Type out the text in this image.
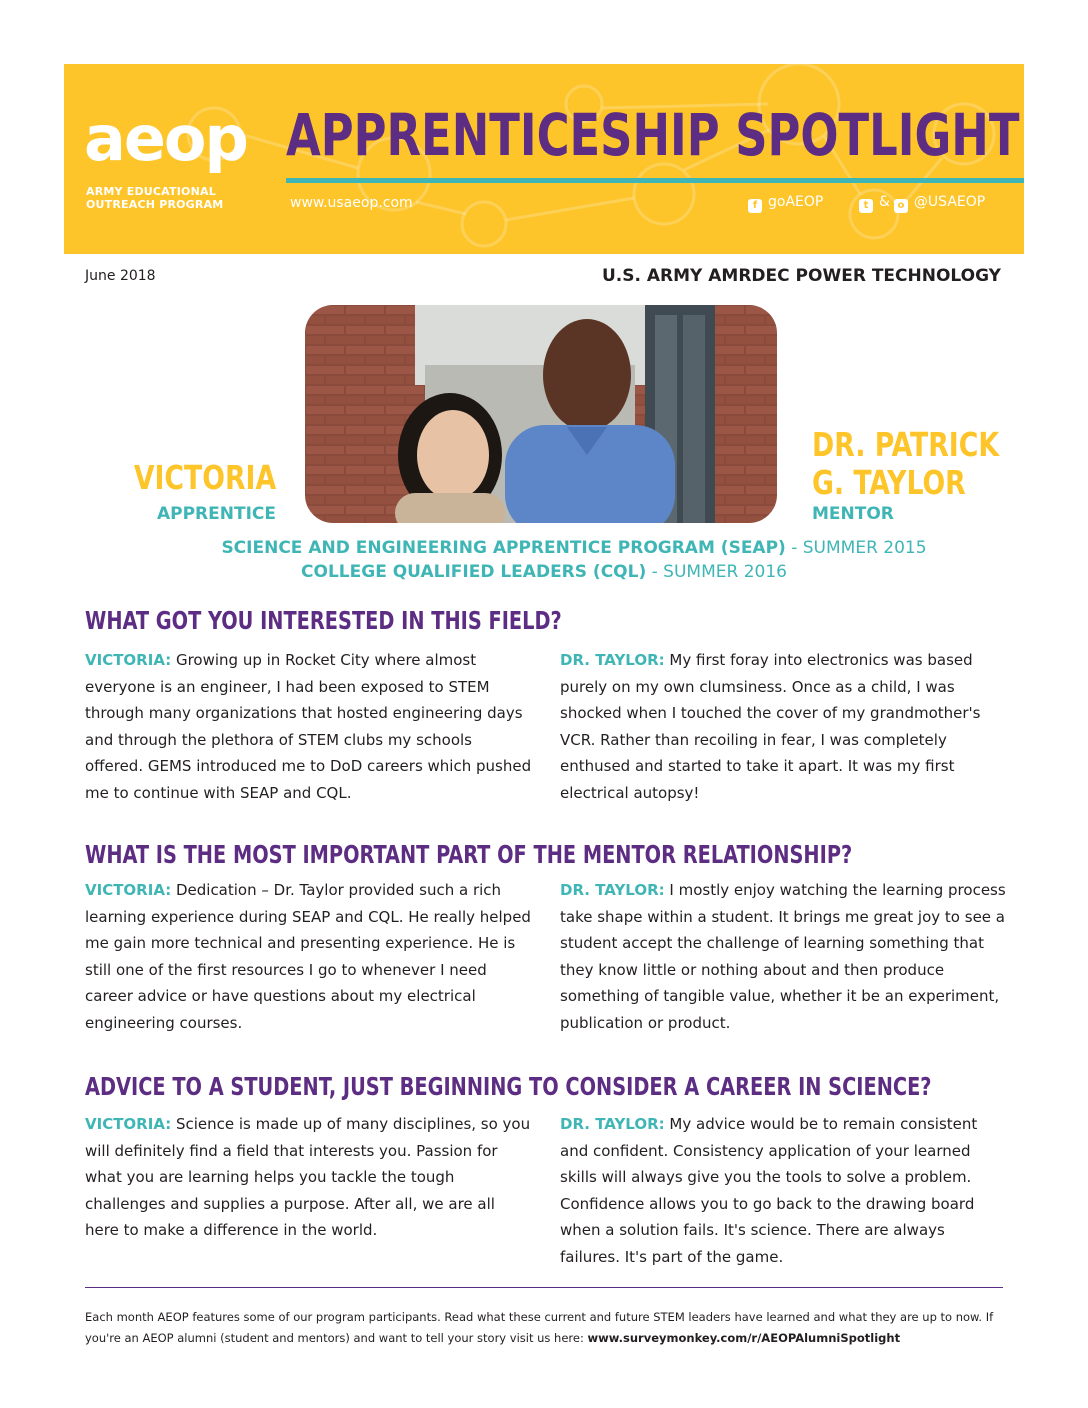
aeop
ARMY EDUCATIONAL
OUTREACH PROGRAM
APPRENTICESHIP SPOTLIGHT
www.usaeop.com	f goAEOP	t & o @USAEOP
June 2018	U.S. ARMY AMRDEC POWER TECHNOLOGY
VICTORIA
APPRENTICE
DR. PATRICK
G. TAYLOR
MENTOR
SCIENCE AND ENGINEERING APPRENTICE PROGRAM (SEAP) - SUMMER 2015
COLLEGE QUALIFIED LEADERS (CQL) - SUMMER 2016
WHAT GOT YOU INTERESTED IN THIS FIELD?
VICTORIA: Growing up in Rocket City where almost everyone is an engineer, I had been exposed to STEM through many organizations that hosted engineering days and through the plethora of STEM clubs my schools offered. GEMS introduced me to DoD careers which pushed me to continue with SEAP and CQL.
DR. TAYLOR: My first foray into electronics was based purely on my own clumsiness. Once as a child, I was shocked when I touched the cover of my grandmother's VCR. Rather than recoiling in fear, I was completely enthused and started to take it apart. It was my first electrical autopsy!
WHAT IS THE MOST IMPORTANT PART OF THE MENTOR RELATIONSHIP?
VICTORIA: Dedication – Dr. Taylor provided such a rich learning experience during SEAP and CQL. He really helped me gain more technical and presenting experience. He is still one of the first resources I go to whenever I need career advice or have questions about my electrical engineering courses.
DR. TAYLOR: I mostly enjoy watching the learning process take shape within a student. It brings me great joy to see a student accept the challenge of learning something that they know little or nothing about and then produce something of tangible value, whether it be an experiment, publication or product.
ADVICE TO A STUDENT, JUST BEGINNING TO CONSIDER A CAREER IN SCIENCE?
VICTORIA: Science is made up of many disciplines, so you will definitely find a field that interests you. Passion for what you are learning helps you tackle the tough challenges and supplies a purpose. After all, we are all here to make a difference in the world.
DR. TAYLOR: My advice would be to remain consistent and confident. Consistency application of your learned skills will always give you the tools to solve a problem. Confidence allows you to go back to the drawing board when a solution fails. It's science. There are always failures. It's part of the game.
Each month AEOP features some of our program participants. Read what these current and future STEM leaders have learned and what they are up to now. If you're an AEOP alumni (student and mentors) and want to tell your story visit us here: www.surveymonkey.com/r/AEOPAlumniSpotlight
